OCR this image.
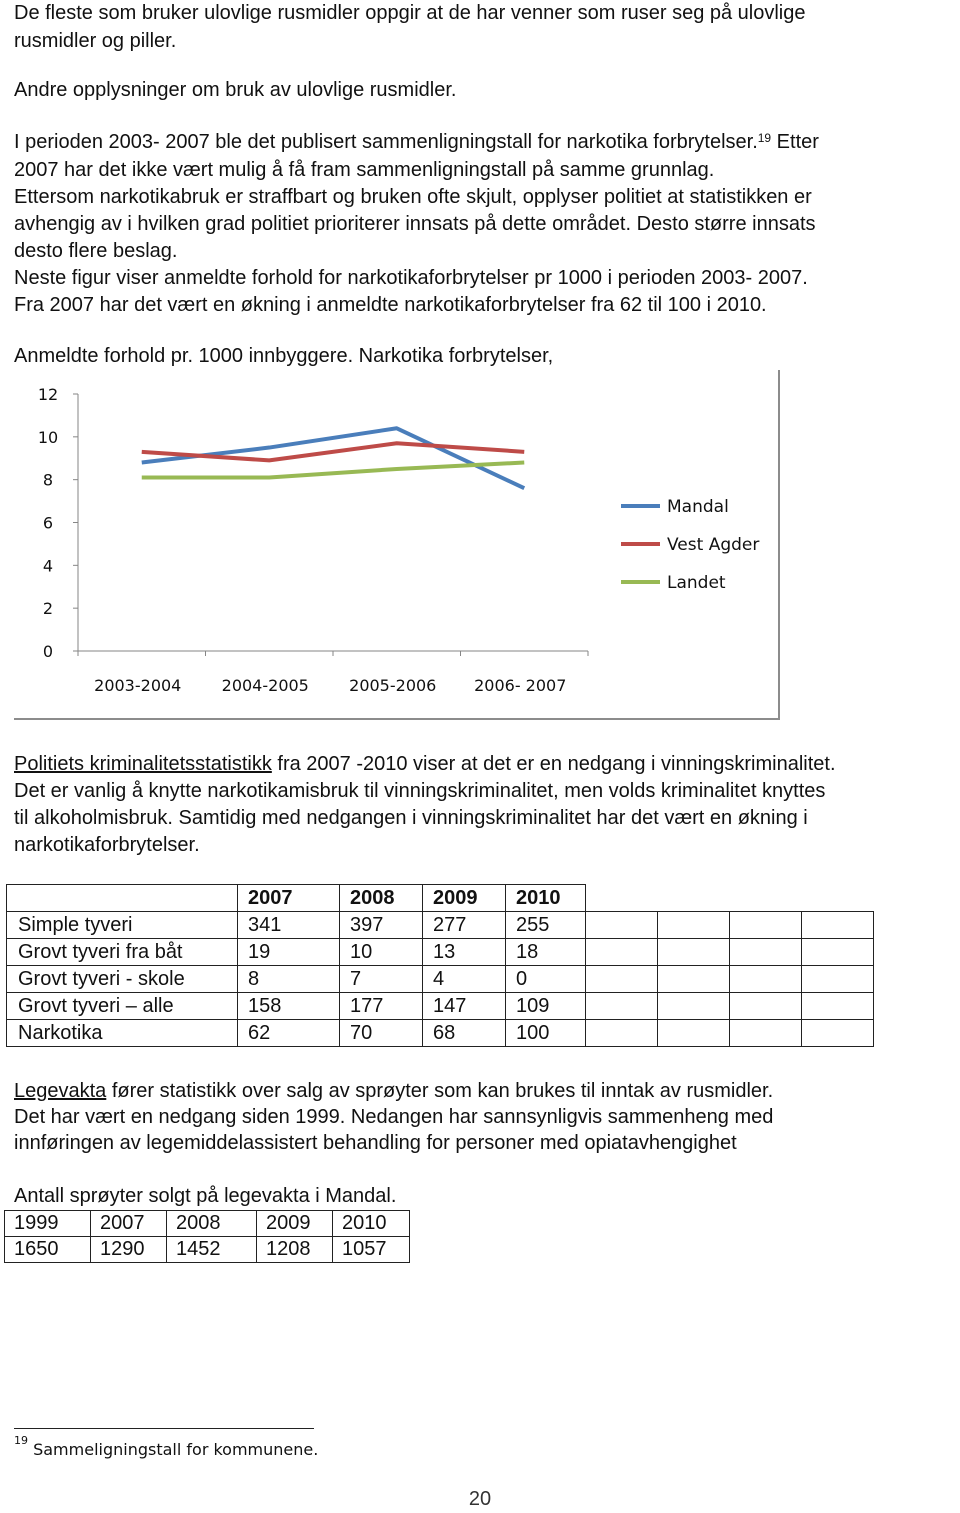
De fleste som bruker ulovlige rusmidler oppgir at de har venner som ruser seg på ulovlige

rusmidler og piller.

Andre opplysninger om bruk av ulovlige rusmidler.

I perioden 2003- 2007 ble det publisert sammenligningstall for narkotika forbrytelser.$^{19}$ Etter

2007 har det ikke vært mulig å få fram sammenligningstall på samme grunnlag.

Ettersom narkotikabruk er straffbart og bruken ofte skjult, opplyser politiet at statistikken er

avhengig av i hvilken grad politiet prioriterer innsats på dette området. Desto større innsats

desto flere beslag.

Neste figur viser anmeldte forhold for narkotikaforbrytelser pr 1000 i perioden 2003- 2007.

Fra 2007 har det vært en økning i anmeldte narkotikaforbrytelser fra 62 til 100 i 2010.

Anmeldte forhold pr. 1000 innbyggere. Narkotika forbrytelser,

0
2
4
6
8
10
12
2003-2004	2004-2005	2005-2006 2006- 2007
Mandal
Vest Agder
Landet

Politiets kriminalitetsstatistikk fra 2007 -2010 viser at det er en nedgang i vinningskriminalitet.

Det er vanlig å knytte narkotikamisbruk til vinningskriminalitet, men volds kriminalitet knyttes

til alkoholmisbruk. Samtidig med nedgangen i vinningskriminalitet har det vært en økning i

narkotikaforbrytelser.

	2007	2008	2009	2010				
Simple tyveri	341	397	277	255				
Grovt tyveri fra båt	19	10	13	18				
Grovt tyveri - skole	8	7	4	0				
Grovt tyveri – alle	158	177	147	109				
Narkotika	62	70	68	100				

Legevakta fører statistikk over salg av sprøyter som kan brukes til inntak av rusmidler.

Det har vært en nedgang siden 1999. Nedangen har sannsynligvis sammenheng med

innføringen av legemiddelassistert behandling for personer med opiatavhengighet

Antall sprøyter solgt på legevakta i Mandal.

1999	2007	2008	2009	2010
1650	1290	1452	1208	1057
$^{19}$ Sammeligningstall for kommunene.
20
